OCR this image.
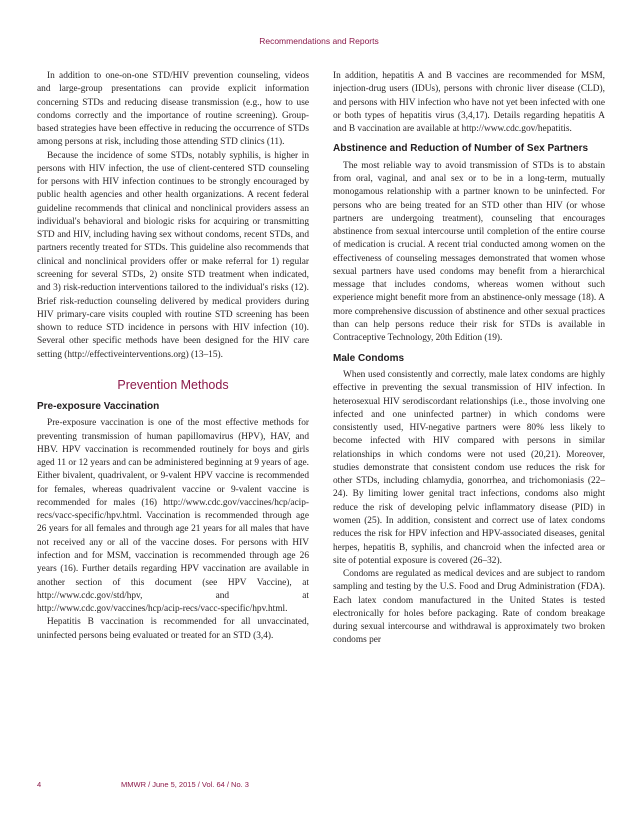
Recommendations and Reports

In addition to one-on-one STD/HIV prevention counseling, videos and large-group presentations can provide explicit information concerning STDs and reducing disease transmission (e.g., how to use condoms correctly and the importance of routine screening). Group-based strategies have been effective in reducing the occurrence of STDs among persons at risk, including those attending STD clinics (11).

Because the incidence of some STDs, notably syphilis, is higher in persons with HIV infection, the use of client-centered STD counseling for persons with HIV infection continues to be strongly encouraged by public health agencies and other health organizations. A recent federal guideline recommends that clinical and nonclinical providers assess an individual's behavioral and biologic risks for acquiring or transmitting STD and HIV, including having sex without condoms, recent STDs, and partners recently treated for STDs. This guideline also recommends that clinical and nonclinical providers offer or make referral for 1) regular screening for several STDs, 2) onsite STD treatment when indicated, and 3) risk-reduction interventions tailored to the individual's risks (12). Brief risk-reduction counseling delivered by medical providers during HIV primary-care visits coupled with routine STD screening has been shown to reduce STD incidence in persons with HIV infection (10). Several other specific methods have been designed for the HIV care setting (http://effectiveinterventions.org) (13–15).

Prevention Methods
Pre-exposure Vaccination

Pre-exposure vaccination is one of the most effective methods for preventing transmission of human papillomavirus (HPV), HAV, and HBV. HPV vaccination is recommended routinely for boys and girls aged 11 or 12 years and can be administered beginning at 9 years of age. Either bivalent, quadrivalent, or 9-valent HPV vaccine is recommended for females, whereas quadrivalent vaccine or 9-valent vaccine is recommended for males (16) http://www.cdc.gov/vaccines/hcp/acip-recs/vacc-specific/hpv.html. Vaccination is recommended through age 26 years for all females and through age 21 years for all males that have not received any or all of the vaccine doses. For persons with HIV infection and for MSM, vaccination is recommended through age 26 years (16). Further details regarding HPV vaccination are available in another section of this document (see HPV Vaccine), at http://www.cdc.gov/std/hpv, and at http://www.cdc.gov/vaccines/hcp/acip-recs/vacc-specific/hpv.html.

Hepatitis B vaccination is recommended for all unvaccinated, uninfected persons being evaluated or treated for an STD (3,4).

In addition, hepatitis A and B vaccines are recommended for MSM, injection-drug users (IDUs), persons with chronic liver disease (CLD), and persons with HIV infection who have not yet been infected with one or both types of hepatitis virus (3,4,17). Details regarding hepatitis A and B vaccination are available at http://www.cdc.gov/hepatitis.

Abstinence and Reduction of Number of Sex Partners

The most reliable way to avoid transmission of STDs is to abstain from oral, vaginal, and anal sex or to be in a long-term, mutually monogamous relationship with a partner known to be uninfected. For persons who are being treated for an STD other than HIV (or whose partners are undergoing treatment), counseling that encourages abstinence from sexual intercourse until completion of the entire course of medication is crucial. A recent trial conducted among women on the effectiveness of counseling messages demonstrated that women whose sexual partners have used condoms may benefit from a hierarchical message that includes condoms, whereas women without such experience might benefit more from an abstinence-only message (18). A more comprehensive discussion of abstinence and other sexual practices than can help persons reduce their risk for STDs is available in Contraceptive Technology, 20th Edition (19).

Male Condoms

When used consistently and correctly, male latex condoms are highly effective in preventing the sexual transmission of HIV infection. In heterosexual HIV serodiscordant relationships (i.e., those involving one infected and one uninfected partner) in which condoms were consistently used, HIV-negative partners were 80% less likely to become infected with HIV compared with persons in similar relationships in which condoms were not used (20,21). Moreover, studies demonstrate that consistent condom use reduces the risk for other STDs, including chlamydia, gonorrhea, and trichomoniasis (22–24). By limiting lower genital tract infections, condoms also might reduce the risk of developing pelvic inflammatory disease (PID) in women (25). In addition, consistent and correct use of latex condoms reduces the risk for HPV infection and HPV-associated diseases, genital herpes, hepatitis B, syphilis, and chancroid when the infected area or site of potential exposure is covered (26–32).

Condoms are regulated as medical devices and are subject to random sampling and testing by the U.S. Food and Drug Administration (FDA). Each latex condom manufactured in the United States is tested electronically for holes before packaging. Rate of condom breakage during sexual intercourse and withdrawal is approximately two broken condoms per

4	MMWR / June 5, 2015 / Vol. 64 / No. 3
